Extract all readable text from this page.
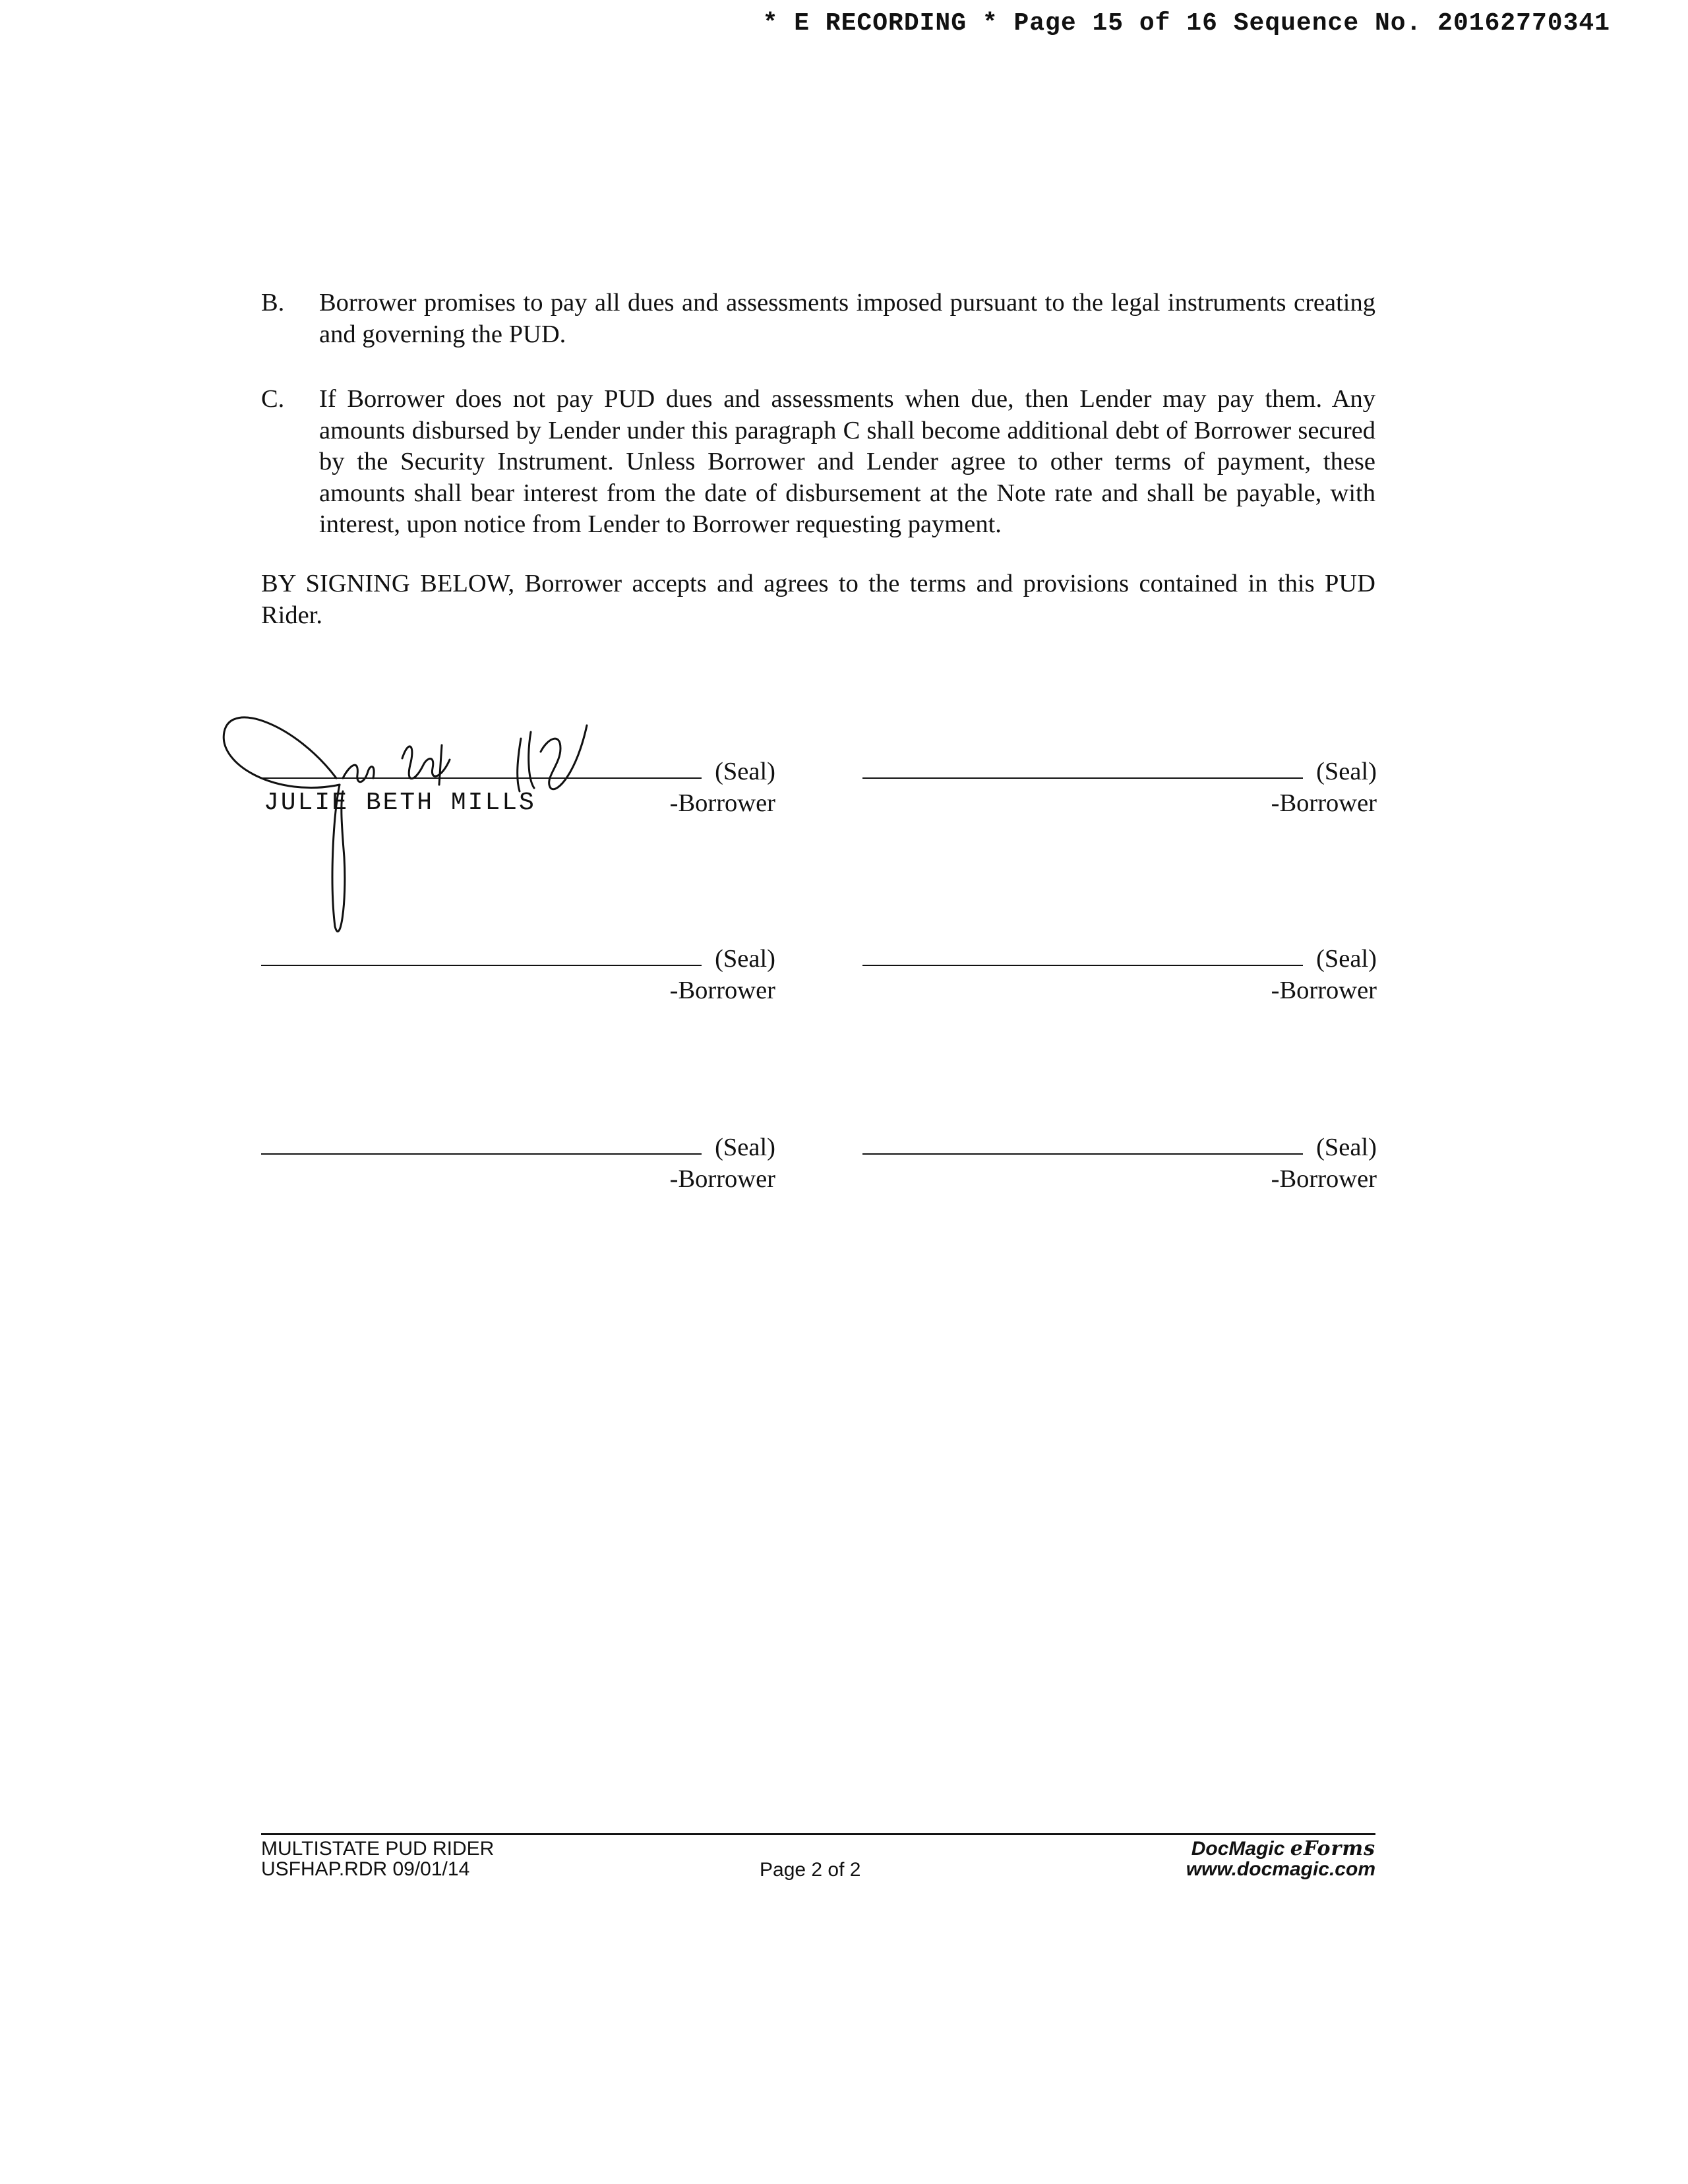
* E RECORDING * Page 15 of 16 Sequence No. 20162770341
B. Borrower promises to pay all dues and assessments imposed pursuant to the legal instruments creating and governing the PUD.
C. If Borrower does not pay PUD dues and assessments when due, then Lender may pay them. Any amounts disbursed by Lender under this paragraph C shall become additional debt of Borrower secured by the Security Instrument. Unless Borrower and Lender agree to other terms of payment, these amounts shall bear interest from the date of disbursement at the Note rate and shall be payable, with interest, upon notice from Lender to Borrower requesting payment.
BY SIGNING BELOW, Borrower accepts and agrees to the terms and provisions contained in this PUD Rider.
(Seal)
JULIE BETH MILLS	-Borrower
(Seal)
-Borrower
(Seal)
-Borrower
(Seal)
-Borrower
(Seal)
-Borrower
(Seal)
-Borrower
MULTISTATE PUD RIDER
USFHAP.RDR 09/01/14	Page 2 of 2
DocMagic eForms
www.docmagic.com
